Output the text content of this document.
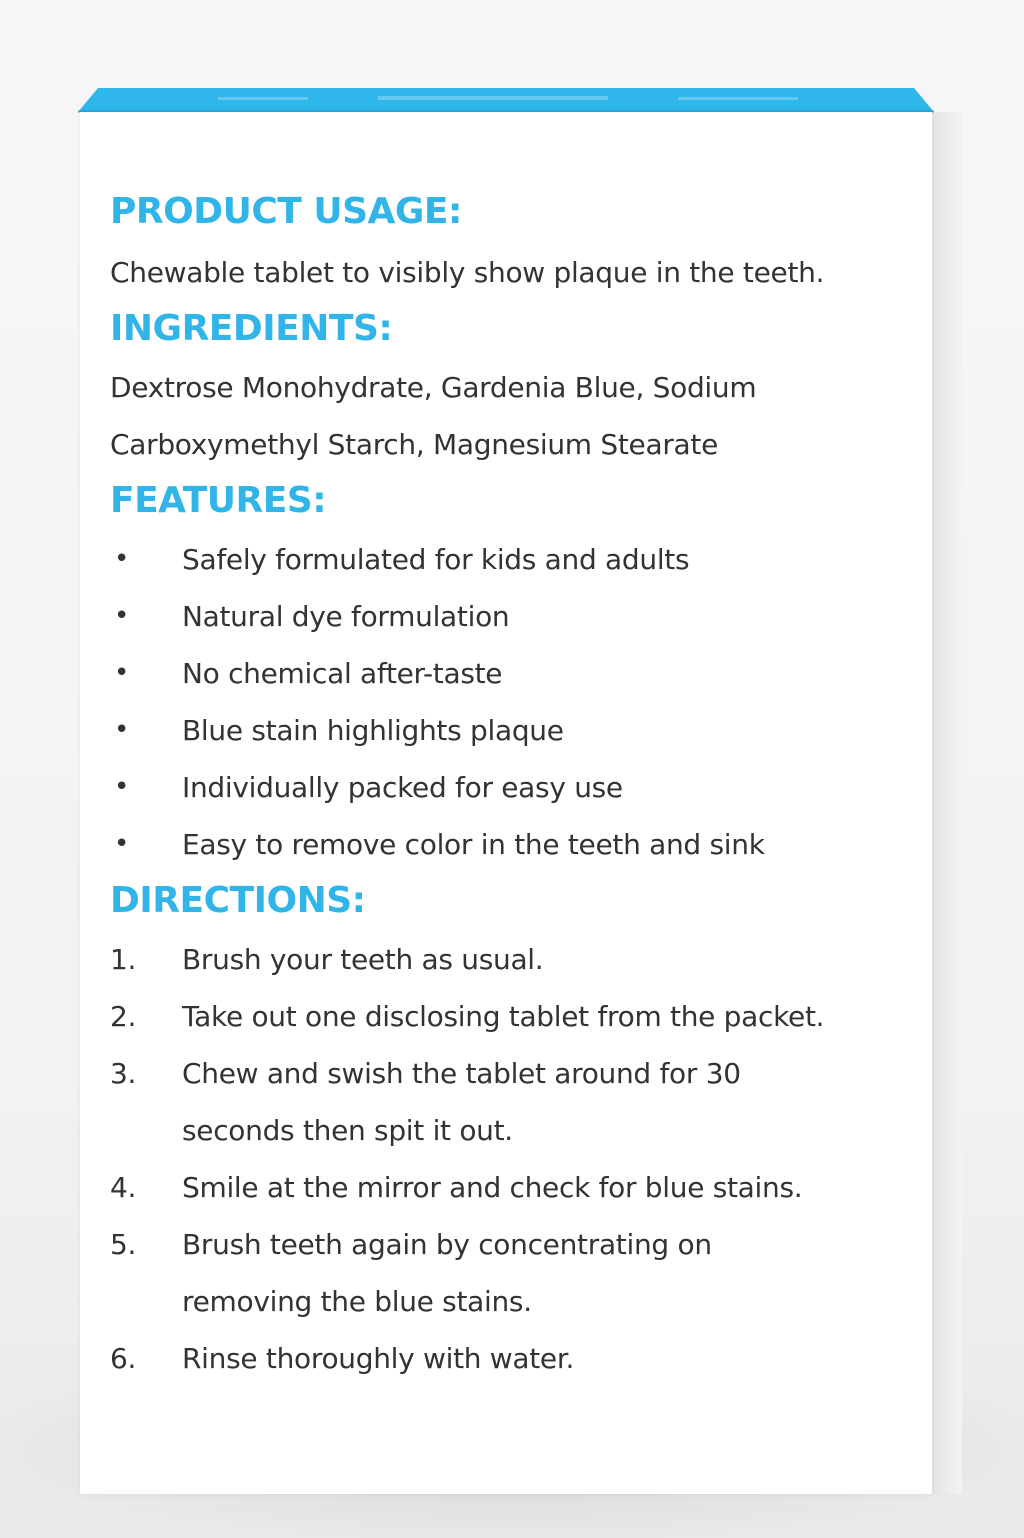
PRODUCT USAGE:

Chewable tablet to visibly show plaque in the teeth.

INGREDIENTS:

Dextrose Monohydrate, Gardenia Blue, Sodium

Carboxymethyl Starch, Magnesium Stearate

FEATURES:
•	Safely formulated for kids and adults
•	Natural dye formulation
•	No chemical after-taste
•	Blue stain highlights plaque
•	Individually packed for easy use
•	Easy to remove color in the teeth and sink
DIRECTIONS:
1.	Brush your teeth as usual.
2.	Take out one disclosing tablet from the packet.
3.	Chew and swish the tablet around for 30 seconds then spit it out.
4.	Smile at the mirror and check for blue stains.
5.	Brush teeth again by concentrating on removing the blue stains.
6.	Rinse thoroughly with water.
